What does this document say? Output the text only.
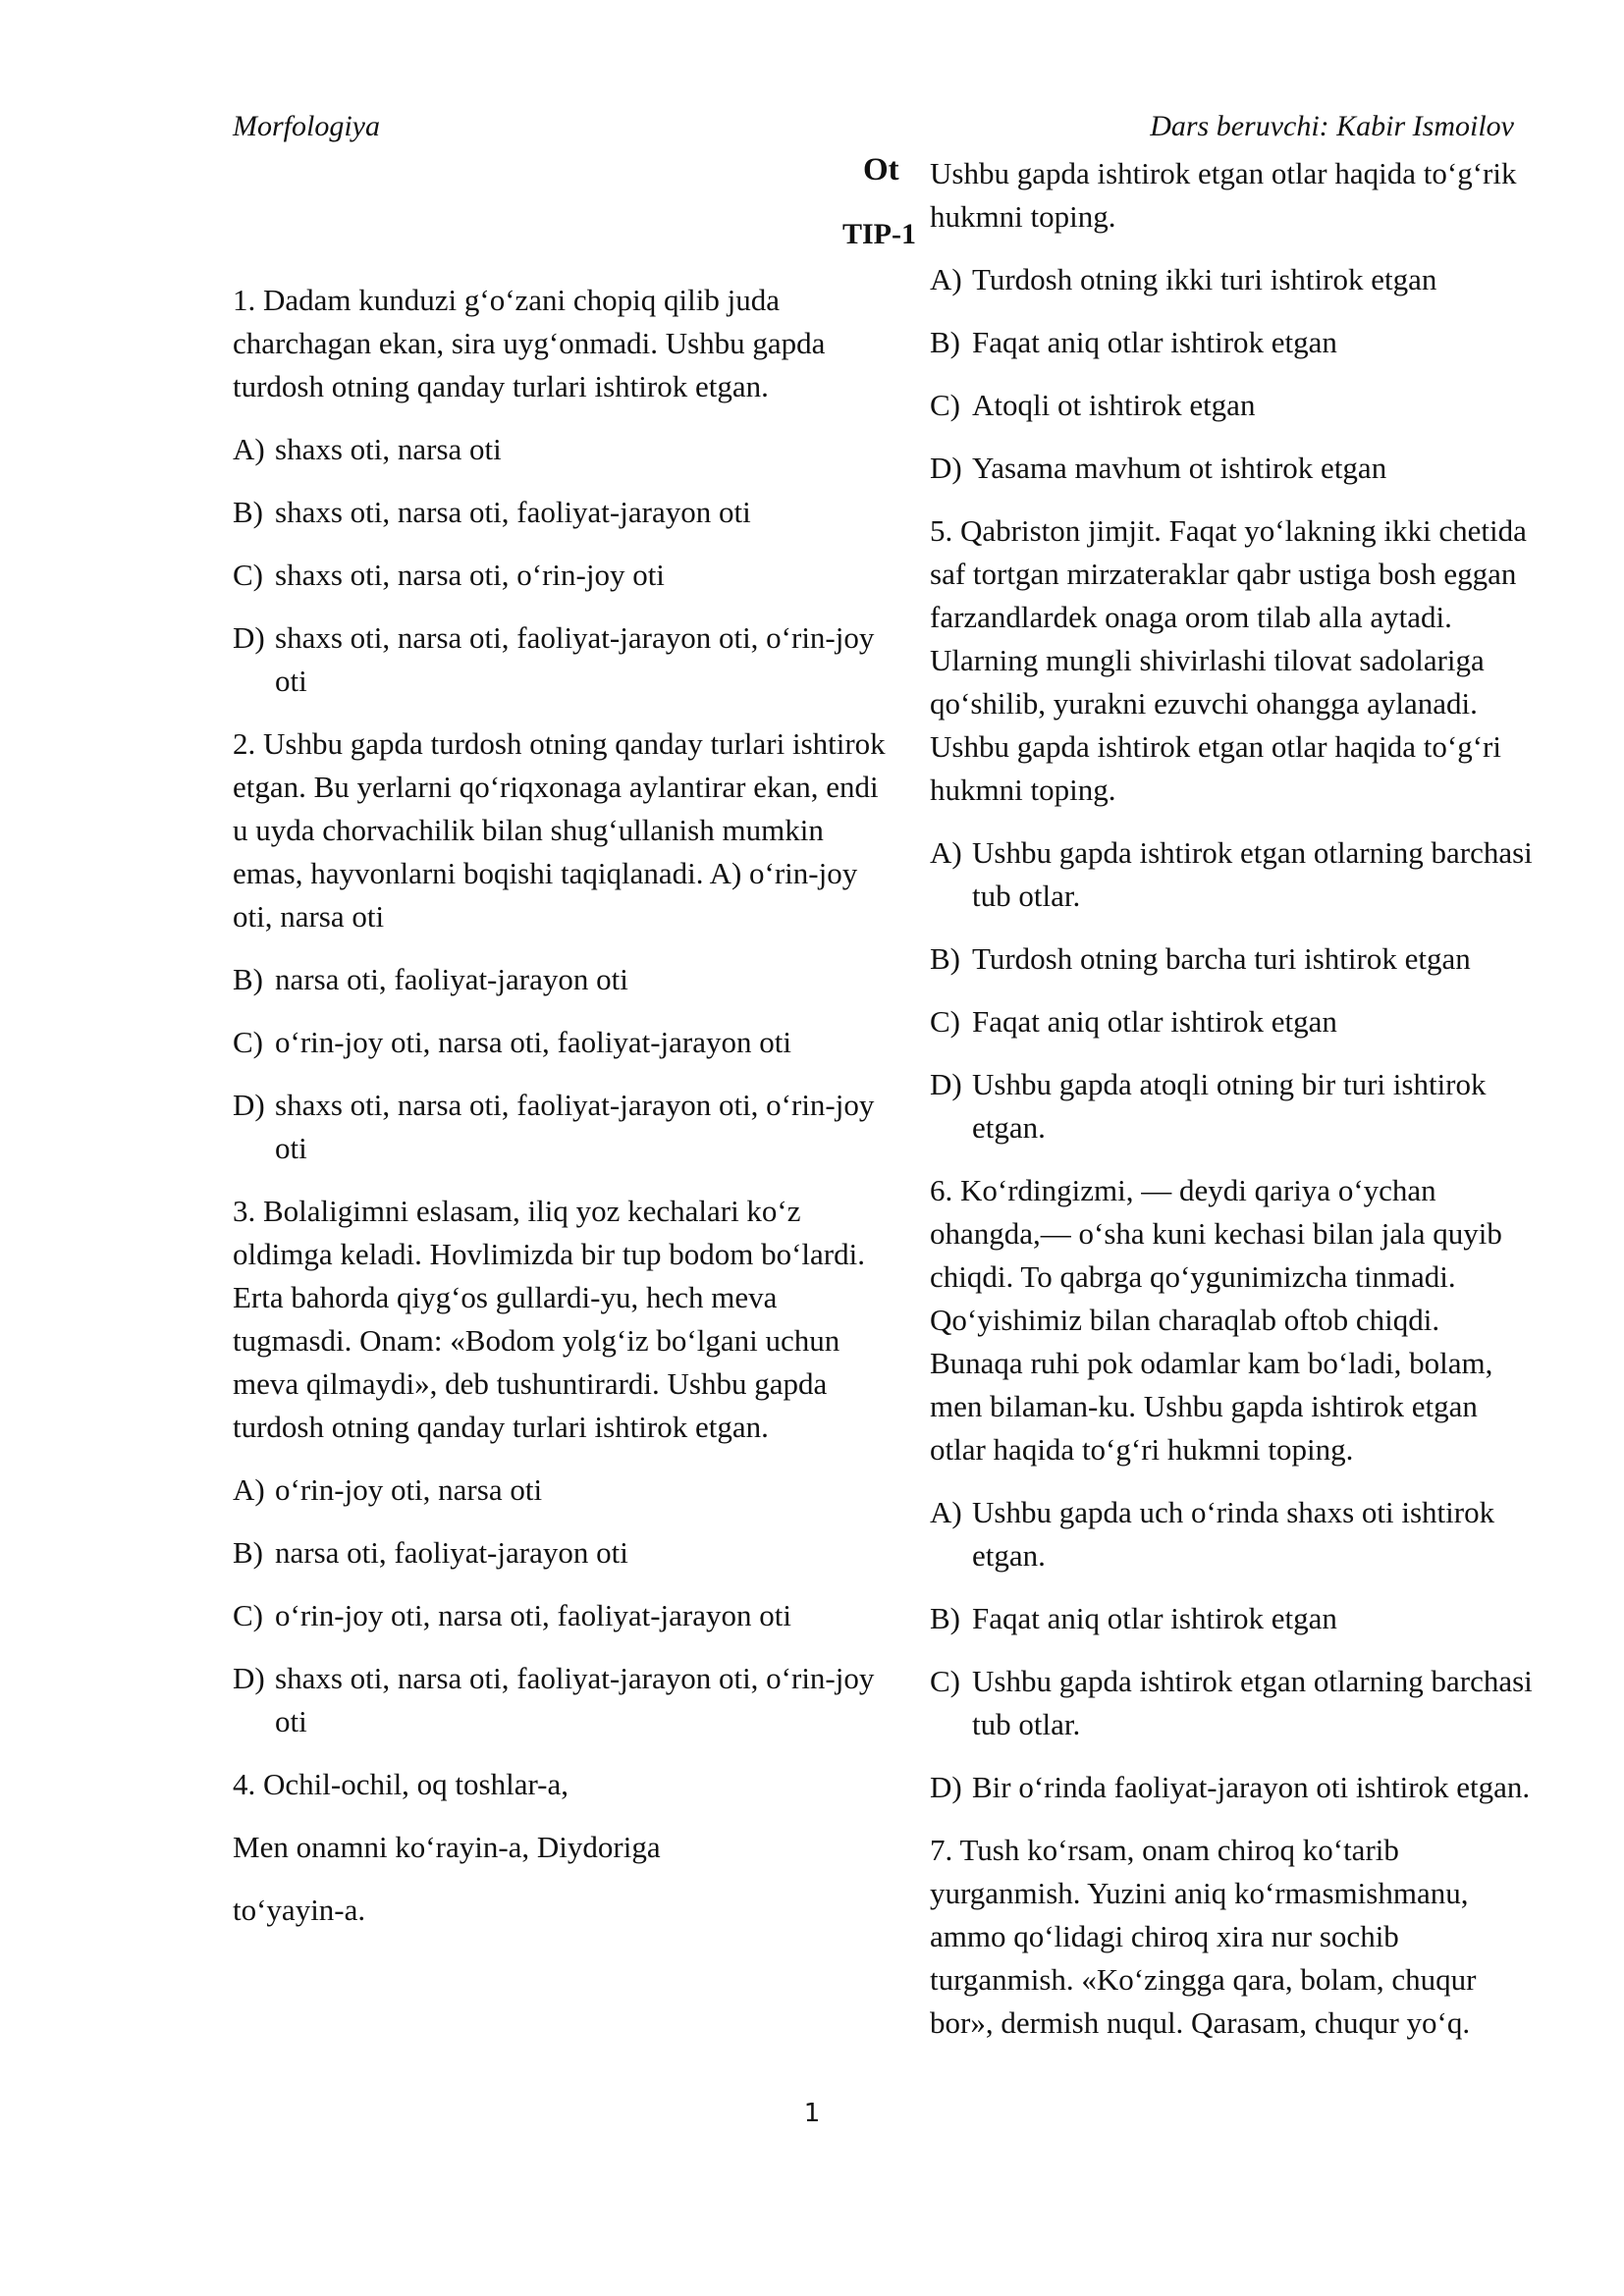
Morfologiya	Dars beruvchi: Kabir Ismoilov
Ot
TIP-1

1. Dadam kunduzi g‘o‘zani chopiq qilib juda charchagan ekan, sira uyg‘onmadi. Ushbu gapda turdosh otning qanday turlari ishtirok etgan.

A) shaxs oti, narsa oti
B) shaxs oti, narsa oti, faoliyat-jarayon oti
C) shaxs oti, narsa oti, o‘rin-joy oti
D) shaxs oti, narsa oti, faoliyat-jarayon oti, o‘rin-joy oti

2. Ushbu gapda turdosh otning qanday turlari ishtirok etgan. Bu yerlarni qo‘riqxonaga aylantirar ekan, endi u uyda chorvachilik bilan shug‘ullanish mumkin emas, hayvonlarni boqishi taqiqlanadi. A) o‘rin-joy oti, narsa oti

B) narsa oti, faoliyat-jarayon oti
C) o‘rin-joy oti, narsa oti, faoliyat-jarayon oti
D) shaxs oti, narsa oti, faoliyat-jarayon oti, o‘rin-joy oti

3. Bolaligimni eslasam, iliq yoz kechalari ko‘z oldimga keladi. Hovlimizda bir tup bodom bo‘lardi. Erta bahorda qiyg‘os gullardi-yu, hech meva tugmasdi. Onam: «Bodom yolg‘iz bo‘lgani uchun meva qilmaydi», deb tushuntirardi. Ushbu gapda turdosh otning qanday turlari ishtirok etgan.

A) o‘rin-joy oti, narsa oti
B) narsa oti, faoliyat-jarayon oti
C) o‘rin-joy oti, narsa oti, faoliyat-jarayon oti
D) shaxs oti, narsa oti, faoliyat-jarayon oti, o‘rin-joy oti

4. Ochil-ochil, oq toshlar-a,

Men onamni ko‘rayin-a, Diydoriga

to‘yayin-a.

Ushbu gapda ishtirok etgan otlar haqida to‘g‘rik hukmni toping.

A) Turdosh otning ikki turi ishtirok etgan
B) Faqat aniq otlar ishtirok etgan
C) Atoqli ot ishtirok etgan
D) Yasama mavhum ot ishtirok etgan

5. Qabriston jimjit. Faqat yo‘lakning ikki chetida saf tortgan mirzateraklar qabr ustiga bosh eggan farzandlardek onaga orom tilab alla aytadi. Ularning mungli shivirlashi tilovat sadolariga qo‘shilib, yurakni ezuvchi ohangga aylanadi. Ushbu gapda ishtirok etgan otlar haqida to‘g‘ri hukmni toping.

A) Ushbu gapda ishtirok etgan otlarning barchasi tub otlar.
B) Turdosh otning barcha turi ishtirok etgan
C) Faqat aniq otlar ishtirok etgan
D) Ushbu gapda atoqli otning bir turi ishtirok etgan.

6. Ko‘rdingizmi, — deydi qariya o‘ychan ohangda,— o‘sha kuni kechasi bilan jala quyib chiqdi. To qabrga qo‘ygunimizcha tinmadi. Qo‘yishimiz bilan charaqlab oftob chiqdi. Bunaqa ruhi pok odamlar kam bo‘ladi, bolam, men bilaman-ku. Ushbu gapda ishtirok etgan otlar haqida to‘g‘ri hukmni toping.

A) Ushbu gapda uch o‘rinda shaxs oti ishtirok etgan.
B) Faqat aniq otlar ishtirok etgan
C) Ushbu gapda ishtirok etgan otlarning barchasi tub otlar.
D) Bir o‘rinda faoliyat-jarayon oti ishtirok etgan.

7. Tush ko‘rsam, onam chiroq ko‘tarib yurganmish. Yuzini aniq ko‘rmasmishmanu, ammo qo‘lidagi chiroq xira nur sochib turganmish. «Ko‘zingga qara, bolam, chuqur bor», dermish nuqul. Qarasam, chuqur yo‘q.

1
